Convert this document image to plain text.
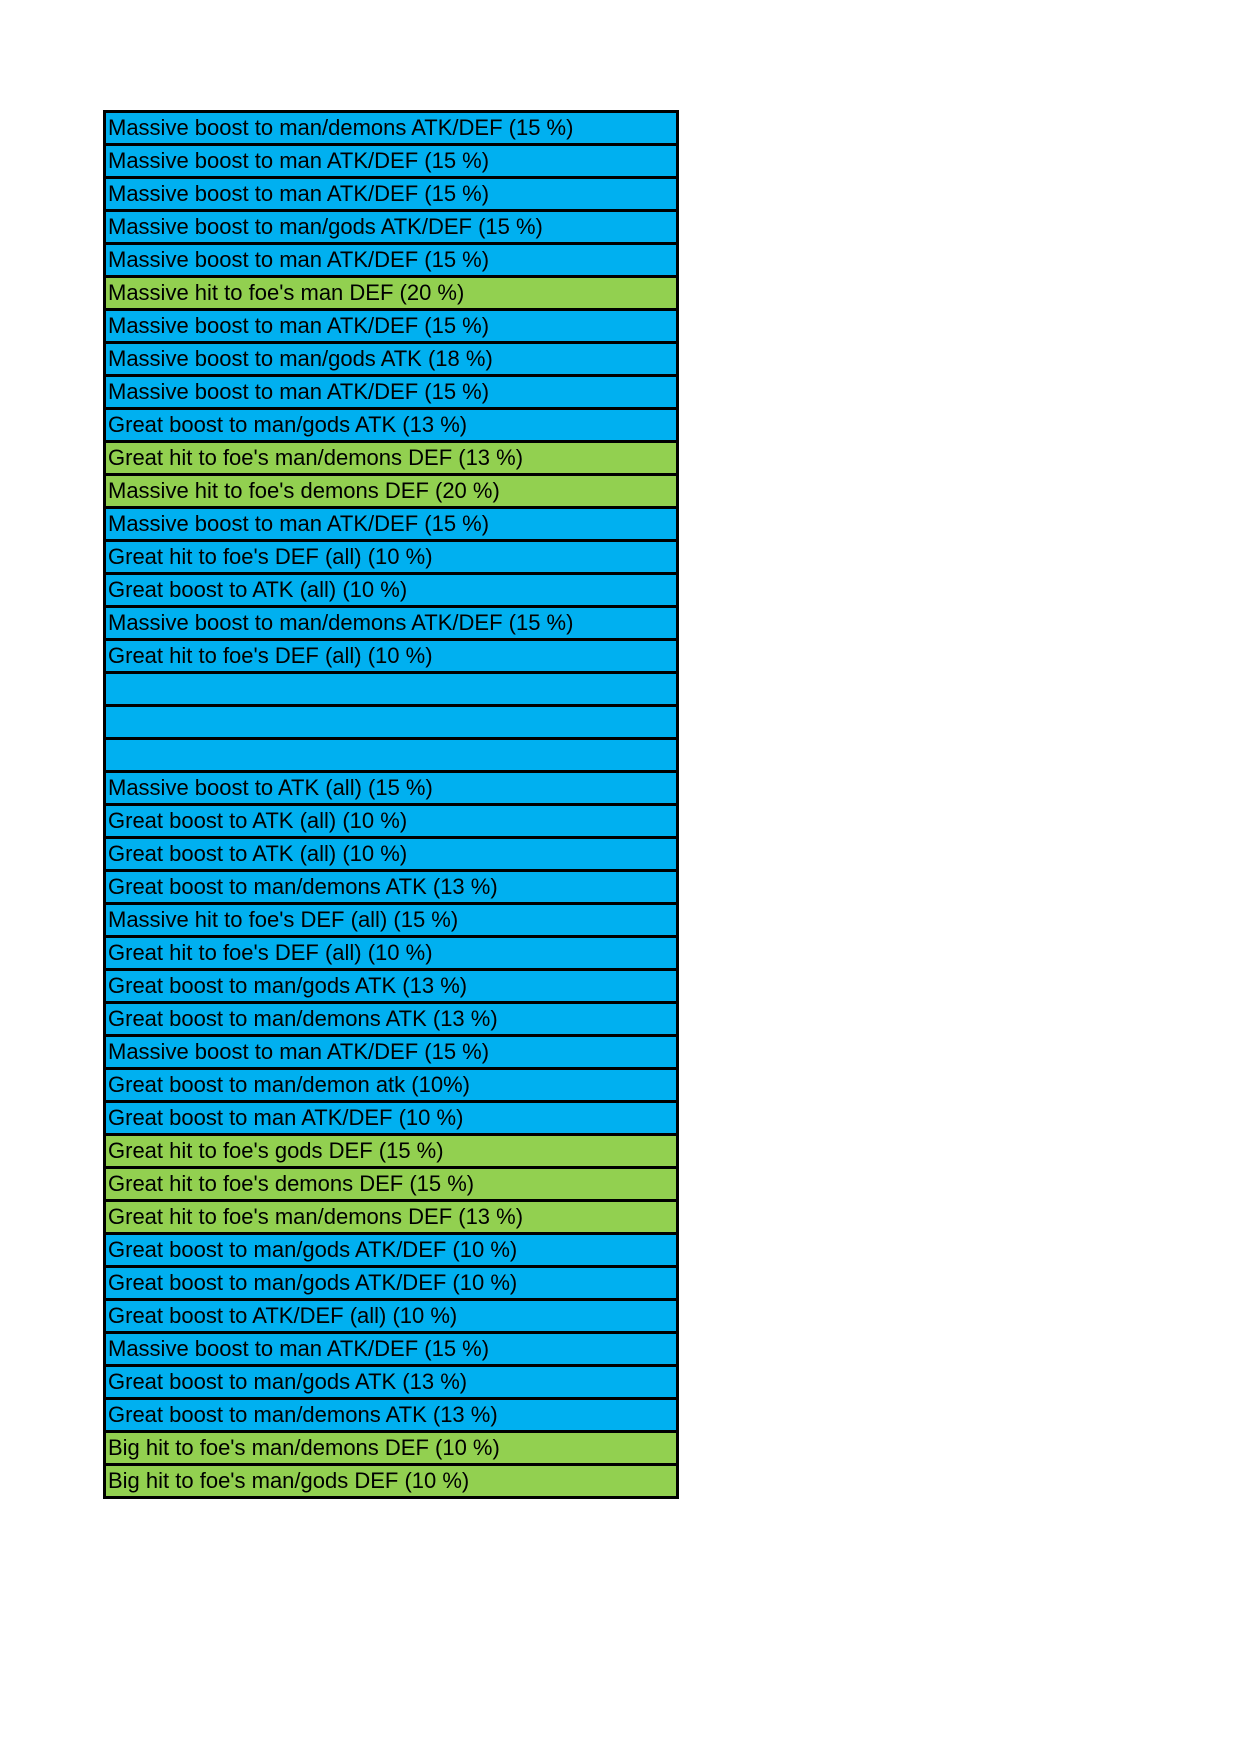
Massive boost to man/demons ATK/DEF (15 %)
Massive boost to man ATK/DEF (15 %)
Massive boost to man ATK/DEF (15 %)
Massive boost to man/gods ATK/DEF (15 %)
Massive boost to man ATK/DEF (15 %)
Massive hit to foe's man DEF (20 %)
Massive boost to man ATK/DEF (15 %)
Massive boost to man/gods ATK (18 %)
Massive boost to man ATK/DEF (15 %)
Great boost to man/gods ATK (13 %)
Great hit to foe's man/demons DEF (13 %)
Massive hit to foe's demons DEF (20 %)
Massive boost to man ATK/DEF (15 %)
Great hit to foe's DEF (all) (10 %)
Great boost to ATK (all) (10 %)
Massive boost to man/demons ATK/DEF (15 %)
Great hit to foe's DEF (all) (10 %)
Massive boost to ATK (all) (15 %)
Great boost to ATK (all) (10 %)
Great boost to ATK (all) (10 %)
Great boost to man/demons ATK (13 %)
Massive hit to foe's DEF (all) (15 %)
Great hit to foe's DEF (all) (10 %)
Great boost to man/gods ATK (13 %)
Great boost to man/demons ATK (13 %)
Massive boost to man ATK/DEF (15 %)
Great boost to man/demon atk (10%)
Great boost to man ATK/DEF (10 %)
Great hit to foe's gods DEF (15 %)
Great hit to foe's demons DEF (15 %)
Great hit to foe's man/demons DEF (13 %)
Great boost to man/gods ATK/DEF (10 %)
Great boost to man/gods ATK/DEF (10 %)
Great boost to ATK/DEF (all) (10 %)
Massive boost to man ATK/DEF (15 %)
Great boost to man/gods ATK (13 %)
Great boost to man/demons ATK (13 %)
Big hit to foe's man/demons DEF (10 %)
Big hit to foe's man/gods DEF (10 %)
